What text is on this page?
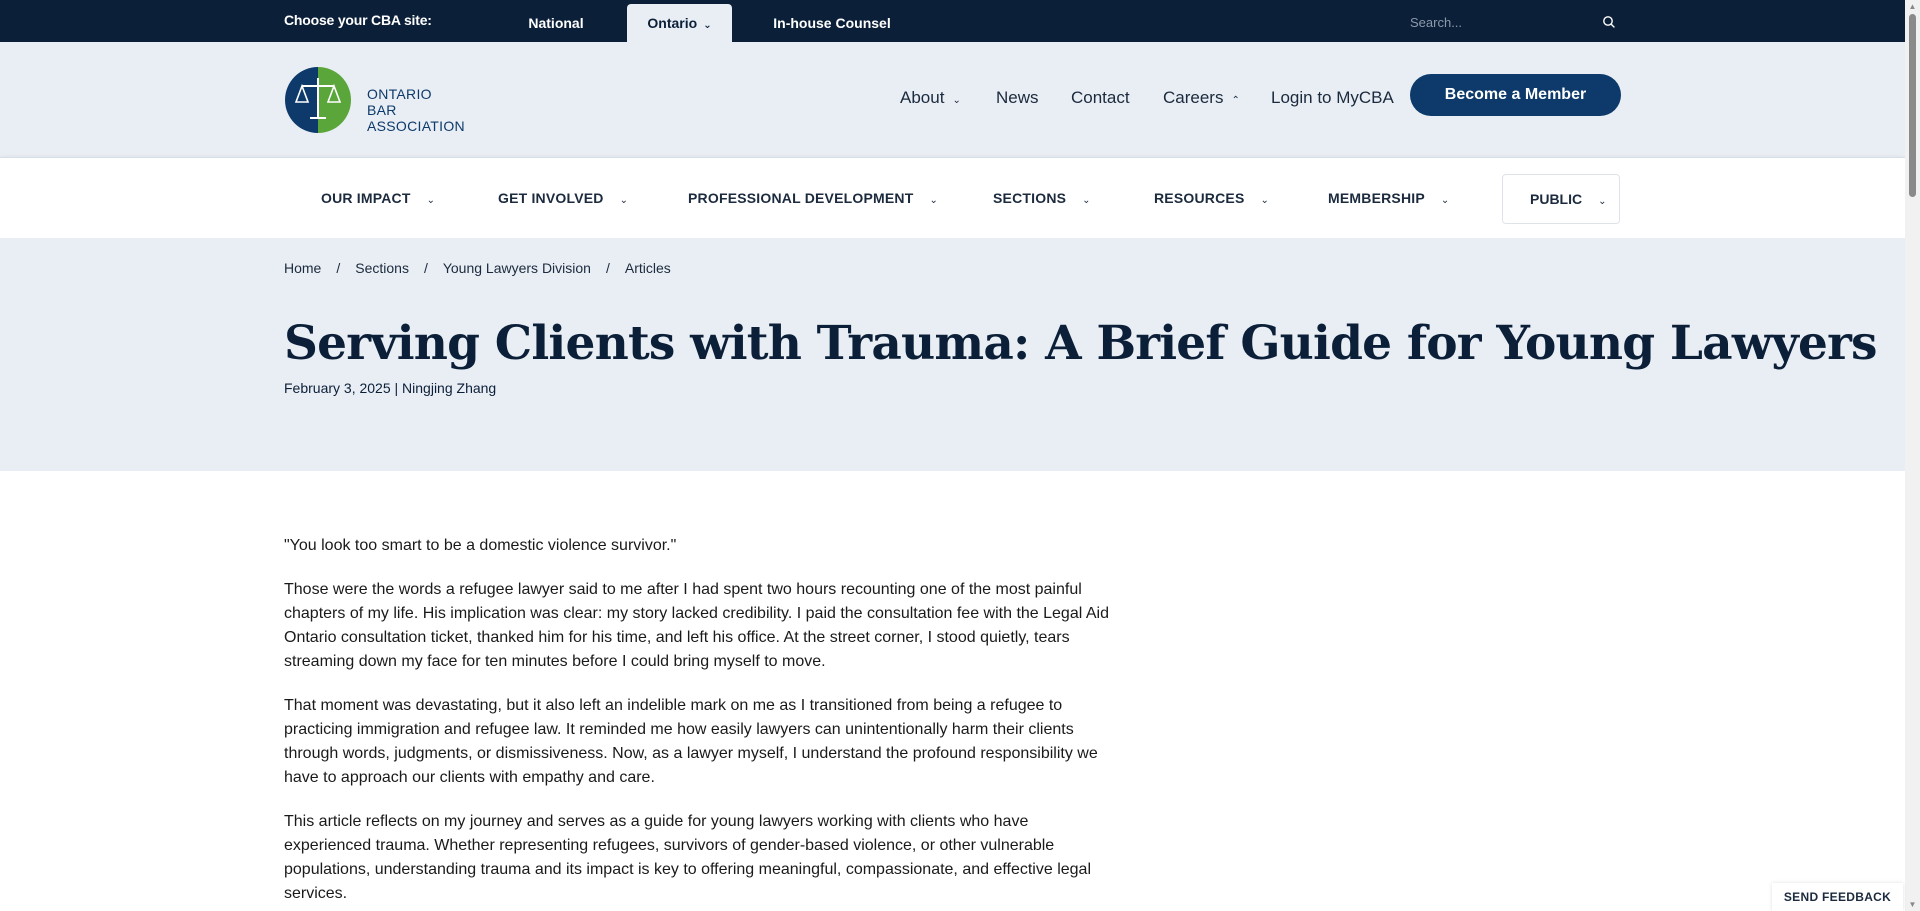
Choose your CBA site:	National	Ontario ⌄	In-house Counsel
Search...
ONTARIO
BAR ASSOCIATION
About ⌄ News Contact Careers ⌃ Login to MyCBA	Become a Member
OUR IMPACT ⌄	GET INVOLVED ⌄	PROFESSIONAL DEVELOPMENT ⌄	SECTIONS ⌄	RESOURCES ⌄	MEMBERSHIP ⌄	PUBLIC ⌄
Home / Sections / Young Lawyers Division / Articles
Serving Clients with Trauma: A Brief Guide for Young Lawyers
February 3, 2025 | Ningjing Zhang

"You look too smart to be a domestic violence survivor."

Those were the words a refugee lawyer said to me after I had spent two hours recounting one of the most painful chapters of my life. His implication was clear: my story lacked credibility. I paid the consultation fee with the Legal Aid Ontario consultation ticket, thanked him for his time, and left his office. At the street corner, I stood quietly, tears streaming down my face for ten minutes before I could bring myself to move.

That moment was devastating, but it also left an indelible mark on me as I transitioned from being a refugee to practicing immigration and refugee law. It reminded me how easily lawyers can unintentionally harm their clients through words, judgments, or dismissiveness. Now, as a lawyer myself, I understand the profound responsibility we have to approach our clients with empathy and care.

This article reflects on my journey and serves as a guide for young lawyers working with clients who have experienced trauma. Whether representing refugees, survivors of gender-based violence, or other vulnerable populations, understanding trauma and its impact is key to offering meaningful, compassionate, and effective legal services.

▲
▼
SEND FEEDBACK
